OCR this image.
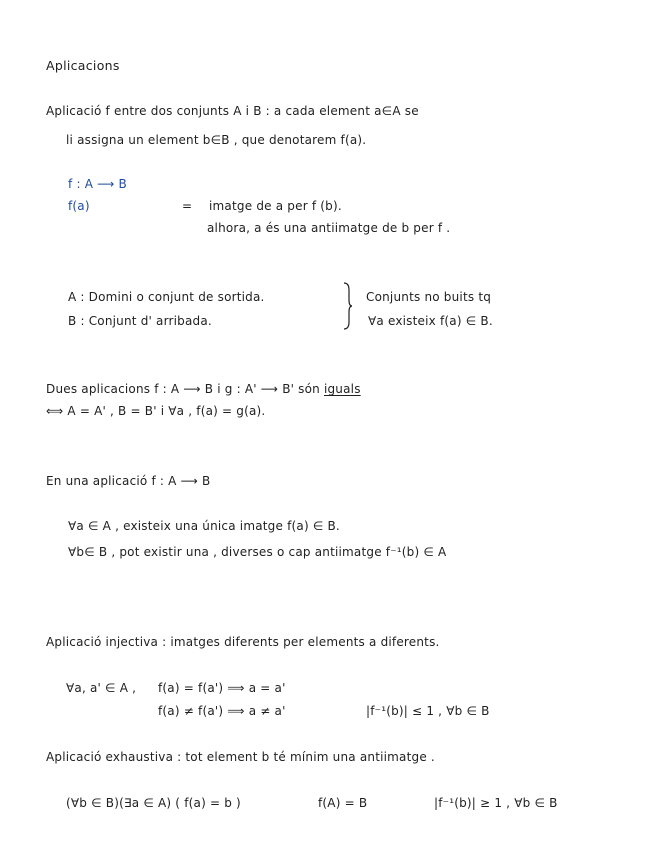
Aplicacions
Aplicació f entre dos conjunts A i B : a cada element a∈A se
li assigna un element b∈B , que denotarem f(a).
f : A ⟶ B
f(a)	= imatge de a per f (b).
alhora, a és una antiimatge de b per f .
A : Domini o conjunt de sortida.
B : Conjunt d' arribada.
Conjunts no buits tq
∀a existeix f(a) ∈ B.
Dues aplicacions f : A ⟶ B i g : A' ⟶ B' són iguals
⟺ A = A' , B = B' i ∀a , f(a) = g(a).
En una aplicació f : A ⟶ B
∀a ∈ A , existeix una única imatge f(a) ∈ B.
∀b∈ B , pot existir una , diverses o cap antiimatge f⁻¹(b) ∈ A
Aplicació injectiva : imatges diferents per elements a diferents.
∀a, a' ∈ A , f(a) = f(a') ⟹ a = a'
f(a) ≠ f(a') ⟹ a ≠ a'	|f⁻¹(b)| ≤ 1 , ∀b ∈ B
Aplicació exhaustiva : tot element b té mínim una antiimatge .
(∀b ∈ B)(∃a ∈ A) ( f(a) = b )	f(A) = B	|f⁻¹(b)| ≥ 1 , ∀b ∈ B
